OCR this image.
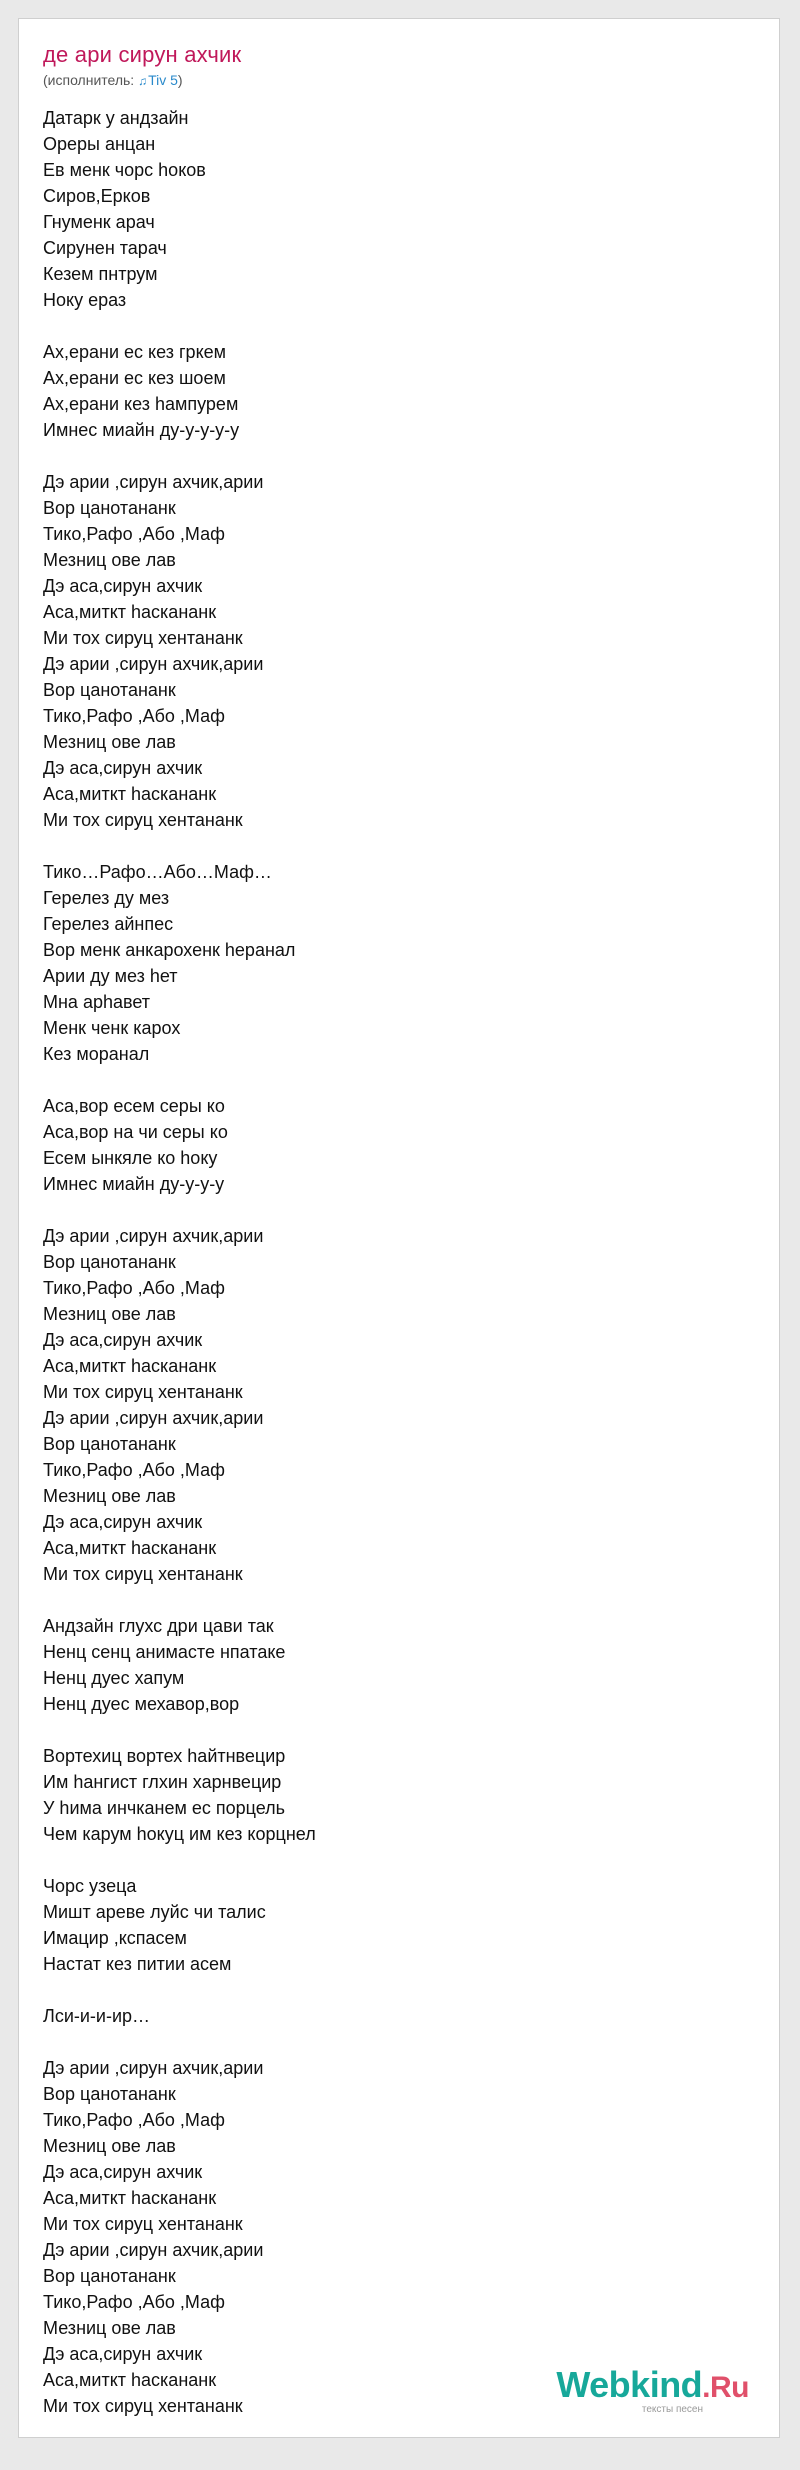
де ари сирун ахчик
(исполнитель: ♫Tiv 5)
Датарк у андзайн
Ореры анцан
Ев менк чорс hоков
Сиров,Ерков
Гнуменк арач
Сирунен тарач
Кезем пнтрум
Ноку ераз
Ах,ерани ес кез гркем
Ах,ерани ес кез шоем
Ах,ерани кез hампурем
Имнес миайн ду-у-у-у-у
Дэ арии ,сирун ахчик,арии
Вор цанотананк
Тико,Рафо ,Або ,Маф
Мезниц ове лав
Дэ аса,сирун ахчик
Аса,миткт hаскананк
Ми тох сируц хентананк
Дэ арии ,сирун ахчик,арии
Вор цанотананк
Тико,Рафо ,Або ,Маф
Мезниц ове лав
Дэ аса,сирун ахчик
Аса,миткт hаскананк
Ми тох сируц хентананк
Тико…Рафо…Або…Маф…
Герелез ду мез
Герелез айнпес
Вор менк анкарохенк hеранал
Арии ду мез hет
Мна арhавет
Менк ченк карох
Кез моранал
Аса,вор есем серы ко
Аса,вор на чи серы ко
Есем ынкяле ко hоку
Имнес миайн ду-у-у-у
Дэ арии ,сирун ахчик,арии
Вор цанотананк
Тико,Рафо ,Або ,Маф
Мезниц ове лав
Дэ аса,сирун ахчик
Аса,миткт hаскананк
Ми тох сируц хентананк
Дэ арии ,сирун ахчик,арии
Вор цанотананк
Тико,Рафо ,Або ,Маф
Мезниц ове лав
Дэ аса,сирун ахчик
Аса,миткт hаскананк
Ми тох сируц хентананк
Андзайн глухс дри цави так
Ненц сенц анимасте нпатаке
Ненц дуес хапум
Ненц дуес мехавор,вор
Вортехиц вортех hайтнвецир
Им hангист глхин харнвецир
У hима инчканем ес порцель
Чем карум hокуц им кез корцнел
Чорс узеца
Мишт ареве луйс чи талис
Имацир ,кспасем
Настат кез питии асем
Лси-и-и-ир…
Дэ арии ,сирун ахчик,арии
Вор цанотананк
Тико,Рафо ,Або ,Маф
Мезниц ове лав
Дэ аса,сирун ахчик
Аса,миткт hаскананк
Ми тох сируц хентананк
Дэ арии ,сирун ахчик,арии
Вор цанотананк
Тико,Рафо ,Або ,Маф
Мезниц ове лав
Дэ аса,сирун ахчик
Аса,миткт hаскананк
Ми тох сируц хентананк
Webkind.Ru
тексты песен
